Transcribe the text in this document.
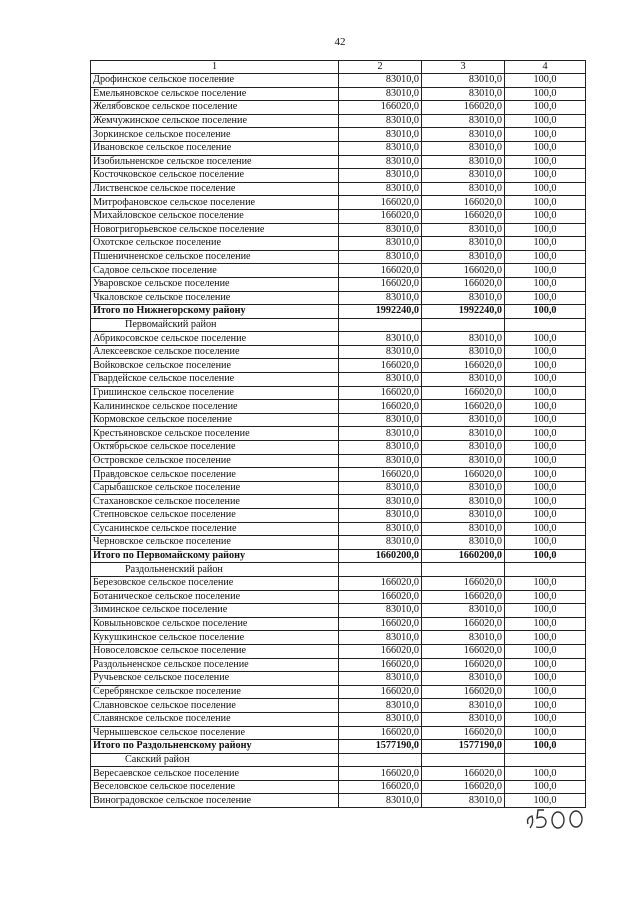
42
1	2	3	4
Дрофинское сельское поселение	83010,0	83010,0	100,0
Емельяновское сельское поселение	83010,0	83010,0	100,0
Желябовское сельское поселение	166020,0	166020,0	100,0
Жемчужинское сельское поселение	83010,0	83010,0	100,0
Зоркинское сельское поселение	83010,0	83010,0	100,0
Ивановское сельское поселение	83010,0	83010,0	100,0
Изобильненское сельское поселение	83010,0	83010,0	100,0
Косточковское сельское поселение	83010,0	83010,0	100,0
Лиственское сельское поселение	83010,0	83010,0	100,0
Митрофановское сельское поселение	166020,0	166020,0	100,0
Михайловское сельское поселение	166020,0	166020,0	100,0
Новогригорьевское сельское поселение	83010,0	83010,0	100,0
Охотское сельское поселение	83010,0	83010,0	100,0
Пшеничненское сельское поселение	83010,0	83010,0	100,0
Садовое сельское поселение	166020,0	166020,0	100,0
Уваровское сельское поселение	166020,0	166020,0	100,0
Чкаловское сельское поселение	83010,0	83010,0	100,0
Итого по Нижнегорскому району	1992240,0	1992240,0	100,0
Первомайский район			
Абрикосовское сельское поселение	83010,0	83010,0	100,0
Алексеевское сельское поселение	83010,0	83010,0	100,0
Войковское сельское поселение	166020,0	166020,0	100,0
Гвардейское сельское поселение	83010,0	83010,0	100,0
Гришинское сельское поселение	166020,0	166020,0	100,0
Калининское сельское поселение	166020,0	166020,0	100,0
Кормовское сельское поселение	83010,0	83010,0	100,0
Крестьяновское сельское поселение	83010,0	83010,0	100,0
Октябрьское сельское поселение	83010,0	83010,0	100,0
Островское сельское поселение	83010,0	83010,0	100,0
Правдовское сельское поселение	166020,0	166020,0	100,0
Сарыбашское сельское поселение	83010,0	83010,0	100,0
Стахановское сельское поселение	83010,0	83010,0	100,0
Степновское сельское поселение	83010,0	83010,0	100,0
Сусанинское сельское поселение	83010,0	83010,0	100,0
Черновское сельское поселение	83010,0	83010,0	100,0
Итого по Первомайскому району	1660200,0	1660200,0	100,0
Раздольненский район			
Березовское сельское поселение	166020,0	166020,0	100,0
Ботаническое сельское поселение	166020,0	166020,0	100,0
Зиминское сельское поселение	83010,0	83010,0	100,0
Ковыльновское сельское поселение	166020,0	166020,0	100,0
Кукушкинское сельское поселение	83010,0	83010,0	100,0
Новоселовское сельское поселение	166020,0	166020,0	100,0
Раздольненское сельское поселение	166020,0	166020,0	100,0
Ручьевское сельское поселение	83010,0	83010,0	100,0
Серебрянское сельское поселение	166020,0	166020,0	100,0
Славновское сельское поселение	83010,0	83010,0	100,0
Славянское сельское поселение	83010,0	83010,0	100,0
Чернышевское сельское поселение	166020,0	166020,0	100,0
Итого по Раздольненскому району	1577190,0	1577190,0	100,0
Сакский район			
Вересаевское сельское поселение	166020,0	166020,0	100,0
Веселовское сельское поселение	166020,0	166020,0	100,0
Виноградовское сельское поселение	83010,0	83010,0	100,0
